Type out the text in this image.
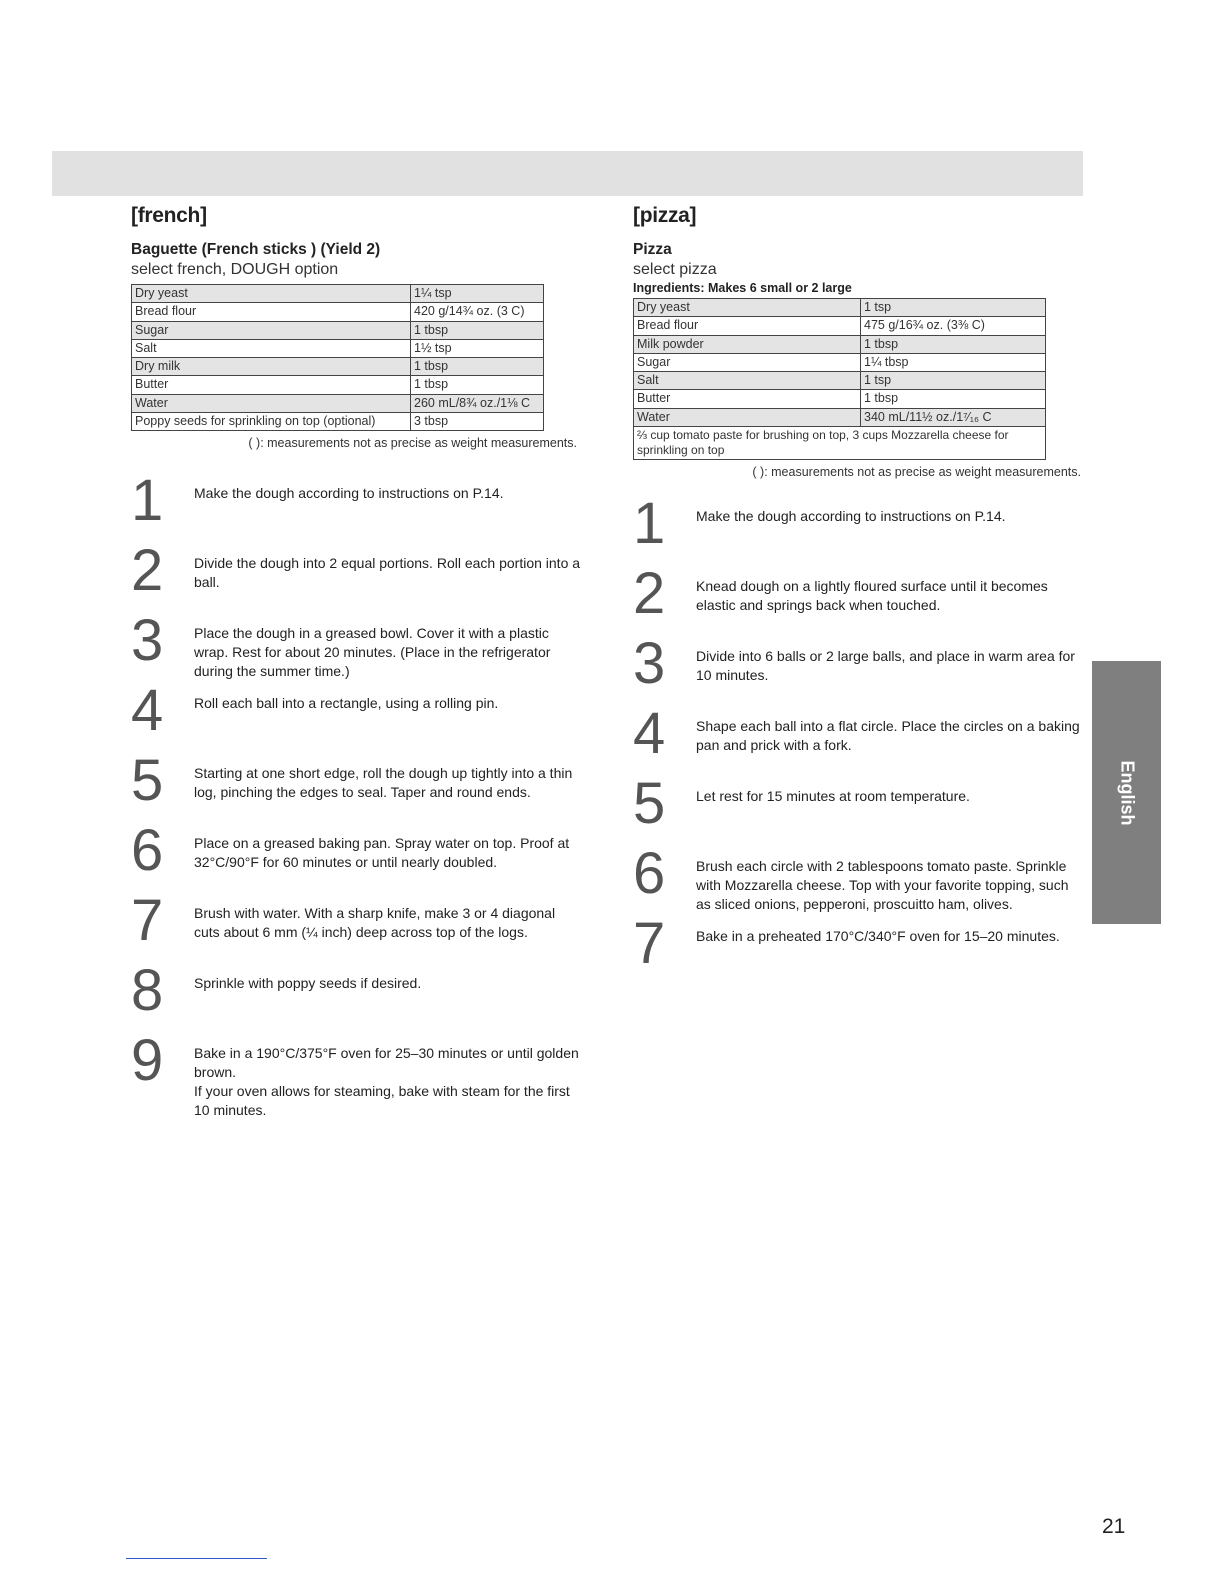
[french]
Baguette (French sticks ) (Yield 2)
select french, DOUGH option
Dry yeast	1¼ tsp
Bread flour	420 g/14¾ oz. (3 C)
Sugar	1 tbsp
Salt	1½ tsp
Dry milk	1 tbsp
Butter	1 tbsp
Water	260 mL/8¾ oz./1⅛ C
Poppy seeds for sprinkling on top (optional)	3 tbsp
( ): measurements not as precise as weight measurements.
1	Make the dough according to instructions on P.14.
2	Divide the dough into 2 equal portions. Roll each portion into a ball.
3	Place the dough in a greased bowl. Cover it with a plastic wrap. Rest for about 20 minutes. (Place in the refrigerator during the summer time.)
4	Roll each ball into a rectangle, using a rolling pin.
5	Starting at one short edge, roll the dough up tightly into a thin log, pinching the edges to seal. Taper and round ends.
6	Place on a greased baking pan. Spray water on top. Proof at 32°C/90°F for 60 minutes or until nearly doubled.
7	Brush with water. With a sharp knife, make 3 or 4 diagonal cuts about 6 mm (¼ inch) deep across top of the logs.
8	Sprinkle with poppy seeds if desired.
9	Bake in a 190°C/375°F oven for 25–30 minutes or until golden brown.
If your oven allows for steaming, bake with steam for the first 10 minutes.
[pizza]
Pizza
select pizza
Ingredients: Makes 6 small or 2 large
Dry yeast	1 tsp
Bread flour	475 g/16¾ oz. (3⅜ C)
Milk powder	1 tbsp
Sugar	1¼ tbsp
Salt	1 tsp
Butter	1 tbsp
Water	340 mL/11½ oz./1⁷⁄₁₆ C
⅔ cup tomato paste for brushing on top, 3 cups Mozzarella cheese for sprinkling on top	
( ): measurements not as precise as weight measurements.
1	Make the dough according to instructions on P.14.
2	Knead dough on a lightly floured surface until it becomes elastic and springs back when touched.
3	Divide into 6 balls or 2 large balls, and place in warm area for 10 minutes.
4	Shape each ball into a flat circle. Place the circles on a baking pan and prick with a fork.
5	Let rest for 15 minutes at room temperature.
6	Brush each circle with 2 tablespoons tomato paste. Sprinkle with Mozzarella cheese. Top with your favorite topping, such as sliced onions, pepperoni, proscuitto ham, olives.
7	Bake in a preheated 170°C/340°F oven for 15–20 minutes.
English
21
